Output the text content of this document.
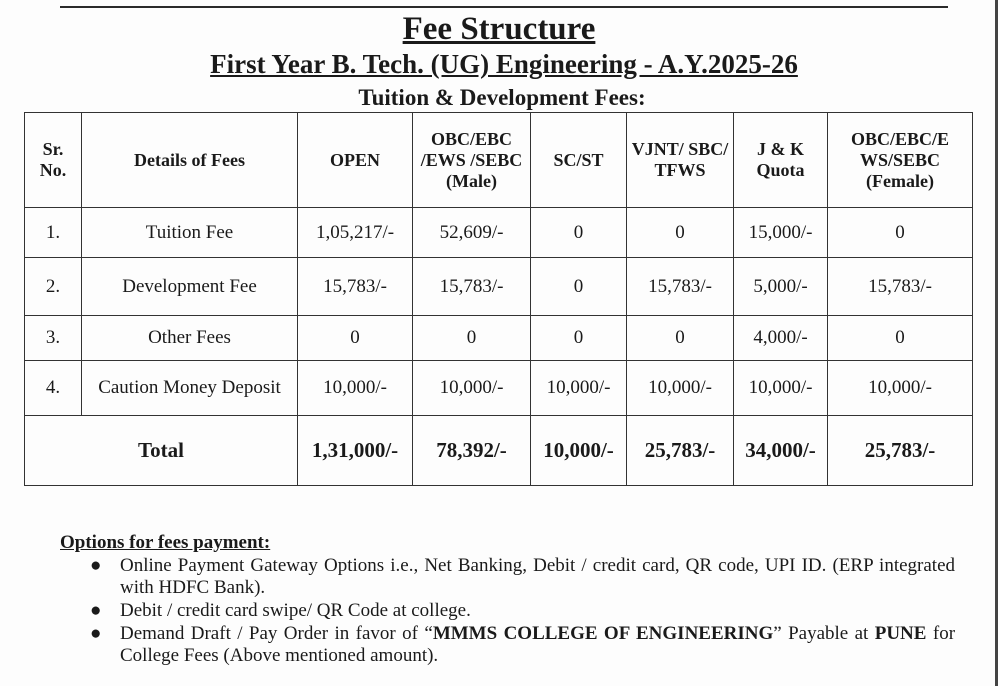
Fee Structure
First Year B. Tech. (UG) Engineering - A.Y.2025-26
Tuition & Development Fees:
Sr. No.	Details of Fees	OPEN	OBC/EBC /EWS /SEBC (Male)	SC/ST	VJNT/ SBC/ TFWS	J & K Quota	OBC/EBC/E WS/SEBC (Female)
1.	Tuition Fee	1,05,217/-	52,609/-	0	0	15,000/-	0
2.	Development Fee	15,783/-	15,783/-	0	15,783/-	5,000/-	15,783/-
3.	Other Fees	0	0	0	0	4,000/-	0
4.	Caution Money Deposit	10,000/-	10,000/-	10,000/-	10,000/-	10,000/-	10,000/-
Total		1,31,000/-	78,392/-	10,000/-	25,783/-	34,000/-	25,783/-
Options for fees payment:
● Online Payment Gateway Options i.e., Net Banking, Debit / credit card, QR code, UPI ID. (ERP integrated with HDFC Bank).
● Debit / credit card swipe/ QR Code at college.
● Demand Draft / Pay Order in favor of “MMMS COLLEGE OF ENGINEERING” Payable at PUNE for College Fees (Above mentioned amount).
